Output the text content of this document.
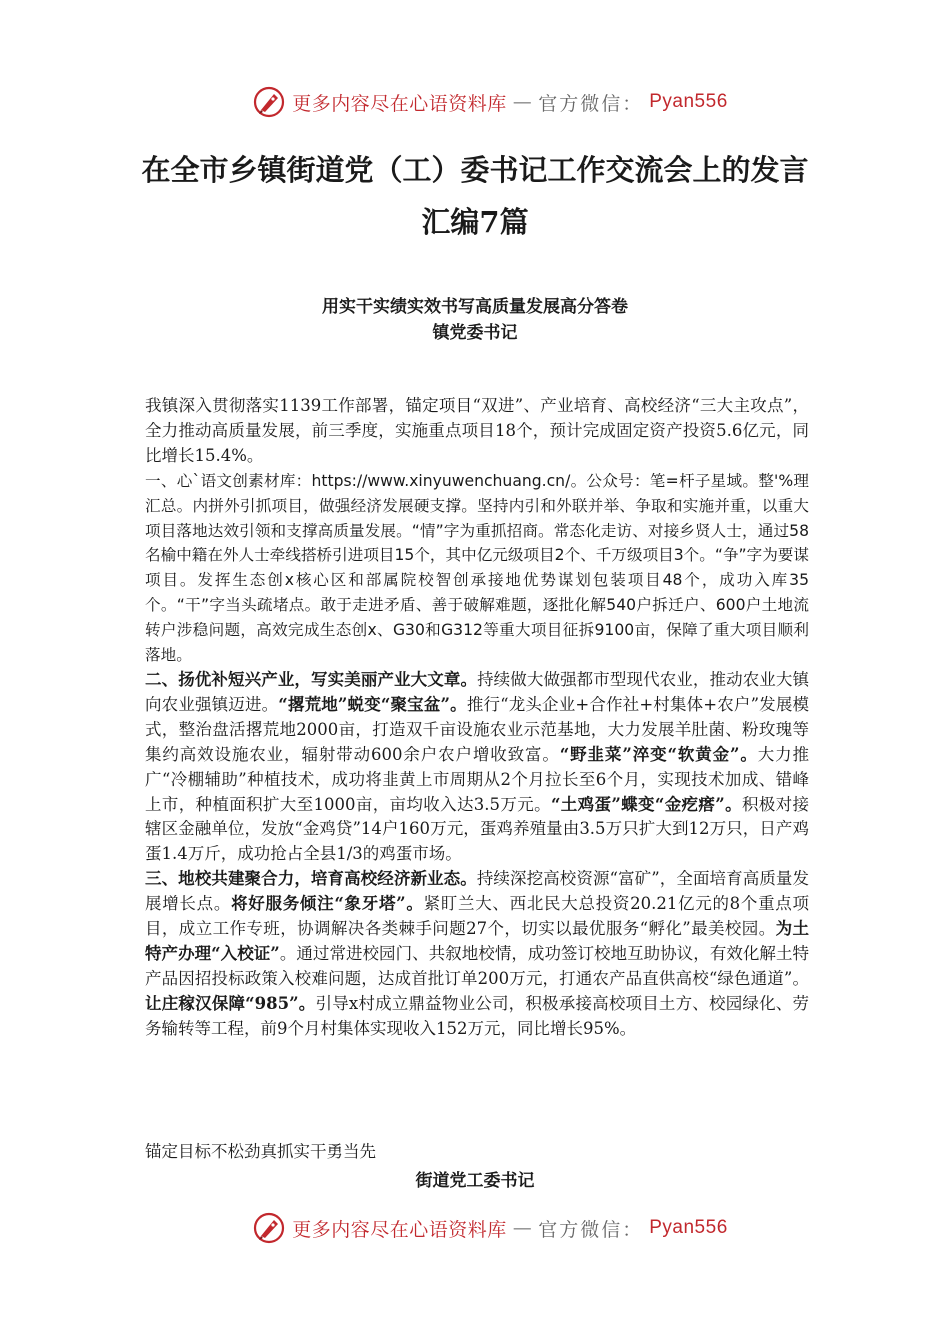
更多内容尽在心语资料库 — 官方微信： Pyan556
在全市乡镇街道党（工）委书记工作交流会上的发言
汇编7篇
用实干实绩实效书写高质量发展高分答卷
镇党委书记

我镇深入贯彻落实1139工作部署，锚定项目“双进”、产业培育、高校经济“三大主攻点”，全力推动高质量发展，前三季度，实施重点项目18个，预计完成固定资产投资5.6亿元，同比增长15.4%。

一、心`语文创素材库：https://www.xinyuwenchuang.cn/。公众号：笔=杆子星域。整'%理汇总。内拼外引抓项目，做强经济发展硬支撑。坚持内引和外联并举、争取和实施并重，以重大项目落地达效引领和支撑高质量发展。“情”字为重抓招商。常态化走访、对接乡贤人士，通过58名榆中籍在外人士牵线搭桥引进项目15个，其中亿元级项目2个、千万级项目3个。“争”字为要谋项目。发挥生态创x核心区和部属院校智创承接地优势谋划包装项目48个，成功入库35个。“干”字当头疏堵点。敢于走进矛盾、善于破解难题，逐批化解540户拆迁户、600户土地流转户涉稳问题，高效完成生态创x、G30和G312等重大项目征拆9100亩，保障了重大项目顺利落地。

二、扬优补短兴产业，写实美丽产业大文章。持续做大做强都市型现代农业，推动农业大镇向农业强镇迈进。“撂荒地”蜕变“聚宝盆”。推行“龙头企业+合作社+村集体+农户”发展模式，整治盘活撂荒地2000亩，打造双千亩设施农业示范基地，大力发展羊肚菌、粉玫瑰等集约高效设施农业，辐射带动600余户农户增收致富。“野韭菜”淬变“软黄金”。大力推广“冷棚辅助”种植技术，成功将韭黄上市周期从2个月拉长至6个月，实现技术加成、错峰上市，种植面积扩大至1000亩，亩均收入达3.5万元。“土鸡蛋”蝶变“金疙瘩”。积极对接辖区金融单位，发放“金鸡贷”14户160万元，蛋鸡养殖量由3.5万只扩大到12万只，日产鸡蛋1.4万斤，成功抢占全县1/3的鸡蛋市场。

三、地校共建聚合力，培育高校经济新业态。持续深挖高校资源“富矿”，全面培育高质量发展增长点。将好服务倾注“象牙塔”。紧盯兰大、西北民大总投资20.21亿元的8个重点项目，成立工作专班，协调解决各类棘手问题27个，切实以最优服务“孵化”最美校园。为土特产办理“入校证”。通过常进校园门、共叙地校情，成功签订校地互助协议，有效化解土特产品因招投标政策入校难问题，达成首批订单200万元，打通农产品直供高校“绿色通道”。让庄稼汉保障“985”。引导x村成立鼎益物业公司，积极承接高校项目土方、校园绿化、劳务输转等工程，前9个月村集体实现收入152万元，同比增长95%。

锚定目标不松劲真抓实干勇当先
街道党工委书记
更多内容尽在心语资料库 — 官方微信： Pyan556
